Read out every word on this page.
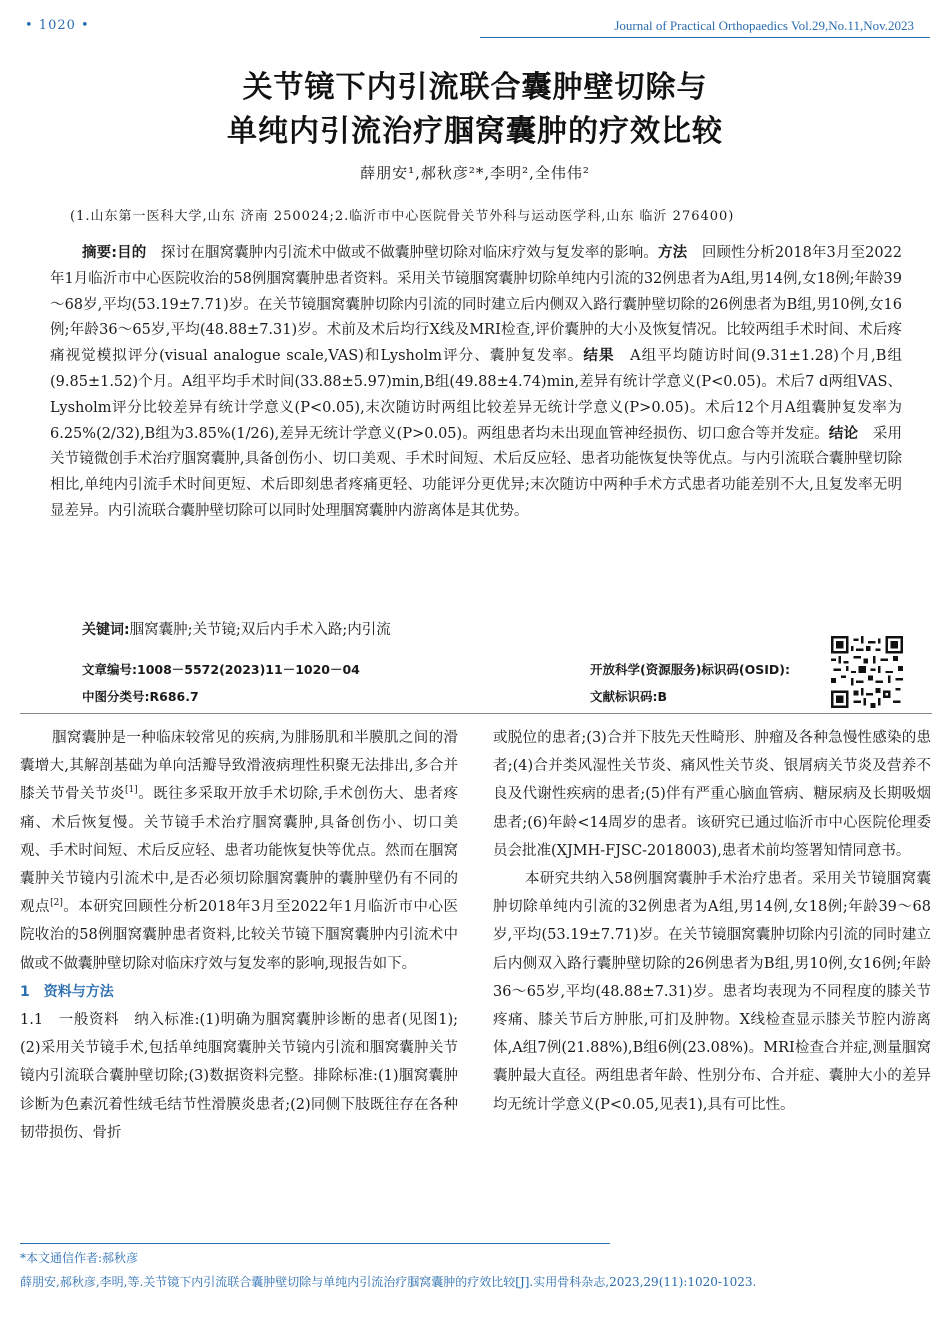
• 1020 •	Journal of Practical Orthopaedics Vol.29,No.11,Nov.2023
关节镜下内引流联合囊肿壁切除与
单纯内引流治疗腘窝囊肿的疗效比较
薛朋安¹,郝秋彦²*,李明²,全伟伟²
(1.山东第一医科大学,山东 济南 250024;2.临沂市中心医院骨关节外科与运动医学科,山东 临沂 276400)

摘要:目的　 探讨在腘窝囊肿内引流术中做或不做囊肿壁切除对临床疗效与复发率的影响。方法　 回顾性分析2018年3月至2022年1月临沂市中心医院收治的58例腘窝囊肿患者资料。采用关节镜腘窝囊肿切除单纯内引流的32例患者为A组,男14例,女18例;年龄39～68岁,平均(53.19±7.71)岁。在关节镜腘窝囊肿切除内引流的同时建立后内侧双入路行囊肿壁切除的26例患者为B组,男10例,女16例;年龄36～65岁,平均(48.88±7.31)岁。术前及术后均行X线及MRI检查,评价囊肿的大小及恢复情况。比较两组手术时间、术后疼痛视觉模拟评分(visual analogue scale,VAS)和Lysholm评分、囊肿复发率。结果　 A组平均随访时间(9.31±1.28)个月,B组(9.85±1.52)个月。A组平均手术时间(33.88±5.97)min,B组(49.88±4.74)min,差异有统计学意义(P<0.05)。术后7 d两组VAS、Lysholm评分比较差异有统计学意义(P<0.05),末次随访时两组比较差异无统计学意义(P>0.05)。术后12个月A组囊肿复发率为6.25%(2/32),B组为3.85%(1/26),差异无统计学意义(P>0.05)。两组患者均未出现血管神经损伤、切口愈合等并发症。结论　 采用关节镜微创手术治疗腘窝囊肿,具备创伤小、切口美观、手术时间短、术后反应轻、患者功能恢复快等优点。与内引流联合囊肿壁切除相比,单纯内引流手术时间更短、术后即刻患者疼痛更轻、功能评分更优异;末次随访中两种手术方式患者功能差别不大,且复发率无明显差异。内引流联合囊肿壁切除可以同时处理腘窝囊肿内游离体是其优势。

关键词:腘窝囊肿;关节镜;双后内手术入路;内引流
文章编号:1008－5572(2023)11－1020－04
中图分类号:R686.7
开放科学(资源服务)标识码(OSID):
文献标识码:B

腘窝囊肿是一种临床较常见的疾病,为腓肠肌和半膜肌之间的滑囊增大,其解剖基础为单向活瓣导致滑液病理性积聚无法排出,多合并膝关节骨关节炎[1]。既往多采取开放手术切除,手术创伤大、患者疼痛、术后恢复慢。关节镜手术治疗腘窝囊肿,具备创伤小、切口美观、手术时间短、术后反应轻、患者功能恢复快等优点。然而在腘窝囊肿关节镜内引流术中,是否必须切除腘窝囊肿的囊肿壁仍有不同的观点[2]。本研究回顾性分析2018年3月至2022年1月临沂市中心医院收治的58例腘窝囊肿患者资料,比较关节镜下腘窝囊肿内引流术中做或不做囊肿壁切除对临床疗效与复发率的影响,现报告如下。

1　资料与方法

1.1　一般资料　纳入标准:(1)明确为腘窝囊肿诊断的患者(见图1);(2)采用关节镜手术,包括单纯腘窝囊肿关节镜内引流和腘窝囊肿关节镜内引流联合囊肿壁切除;(3)数据资料完整。排除标准:(1)腘窝囊肿诊断为色素沉着性绒毛结节性滑膜炎患者;(2)同侧下肢既往存在各种韧带损伤、骨折

或脱位的患者;(3)合并下肢先天性畸形、肿瘤及各种急慢性感染的患者;(4)合并类风湿性关节炎、痛风性关节炎、银屑病关节炎及营养不良及代谢性疾病的患者;(5)伴有严重心脑血管病、糖尿病及长期吸烟患者;(6)年龄<14周岁的患者。该研究已通过临沂市中心医院伦理委员会批准(XJMH-FJSC-2018003),患者术前均签署知情同意书。

本研究共纳入58例腘窝囊肿手术治疗患者。采用关节镜腘窝囊肿切除单纯内引流的32例患者为A组,男14例,女18例;年龄39～68岁,平均(53.19±7.71)岁。在关节镜腘窝囊肿切除内引流的同时建立后内侧双入路行囊肿壁切除的26例患者为B组,男10例,女16例;年龄36～65岁,平均(48.88±7.31)岁。患者均表现为不同程度的膝关节疼痛、膝关节后方肿胀,可扪及肿物。X线检查显示膝关节腔内游离体,A组7例(21.88%),B组6例(23.08%)。MRI检查合并症,测量腘窝囊肿最大直径。两组患者年龄、性别分布、合并症、囊肿大小的差异均无统计学意义(P<0.05,见表1),具有可比性。

*本文通信作者:郝秋彦
薛朋安,郝秋彦,李明,等.关节镜下内引流联合囊肿壁切除与单纯内引流治疗腘窝囊肿的疗效比较[J].实用骨科杂志,2023,29(11):1020-1023.
